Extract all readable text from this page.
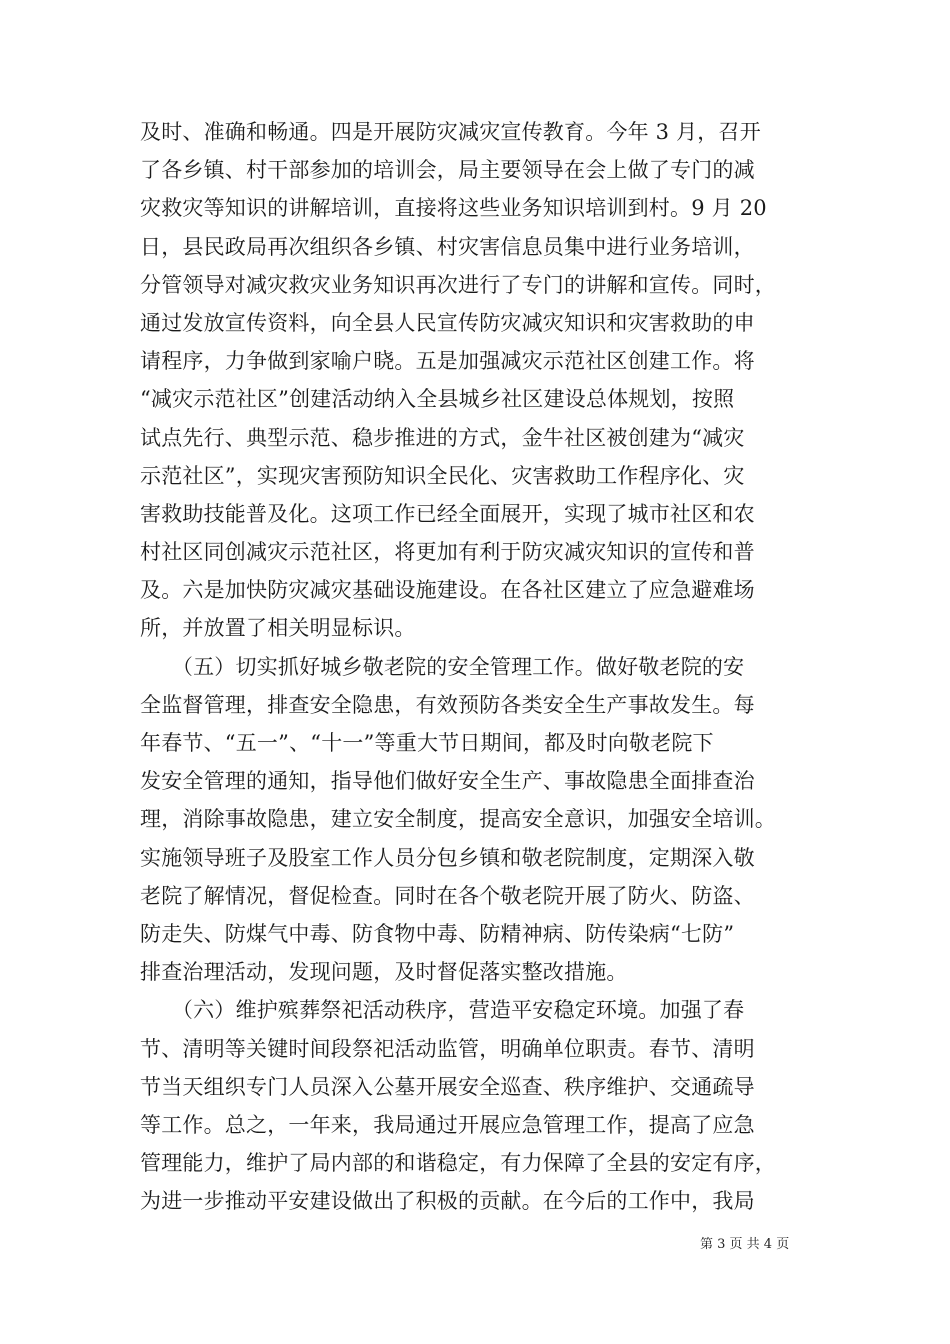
及时、准确和畅通。四是开展防灾减灾宣传教育。今年 3 月，召开
了各乡镇、村干部参加的培训会，局主要领导在会上做了专门的减
灾救灾等知识的讲解培训，直接将这些业务知识培训到村。9 月 20
日，县民政局再次组织各乡镇、村灾害信息员集中进行业务培训，
分管领导对减灾救灾业务知识再次进行了专门的讲解和宣传。同时，
通过发放宣传资料，向全县人民宣传防灾减灾知识和灾害救助的申
请程序，力争做到家喻户晓。五是加强减灾示范社区创建工作。将
“减灾示范社区”创建活动纳入全县城乡社区建设总体规划，按照
试点先行、典型示范、稳步推进的方式，金牛社区被创建为“减灾
示范社区”，实现灾害预防知识全民化、灾害救助工作程序化、灾
害救助技能普及化。这项工作已经全面展开，实现了城市社区和农
村社区同创减灾示范社区，将更加有利于防灾减灾知识的宣传和普
及。六是加快防灾减灾基础设施建设。在各社区建立了应急避难场
所，并放置了相关明显标识。
　　（五）切实抓好城乡敬老院的安全管理工作。做好敬老院的安
全监督管理，排查安全隐患，有效预防各类安全生产事故发生。每
年春节、“五一”、“十一”等重大节日期间，都及时向敬老院下
发安全管理的通知，指导他们做好安全生产、事故隐患全面排查治
理，消除事故隐患，建立安全制度，提高安全意识，加强安全培训。
实施领导班子及股室工作人员分包乡镇和敬老院制度，定期深入敬
老院了解情况，督促检查。同时在各个敬老院开展了防火、防盗、
防走失、防煤气中毒、防食物中毒、防精神病、防传染病“七防”
排查治理活动，发现问题，及时督促落实整改措施。
　　（六）维护殡葬祭祀活动秩序，营造平安稳定环境。加强了春
节、清明等关键时间段祭祀活动监管，明确单位职责。春节、清明
节当天组织专门人员深入公墓开展安全巡查、秩序维护、交通疏导
等工作。总之，一年来，我局通过开展应急管理工作，提高了应急
管理能力，维护了局内部的和谐稳定，有力保障了全县的安定有序，
为进一步推动平安建设做出了积极的贡献。在今后的工作中，我局
第 3 页 共 4 页
